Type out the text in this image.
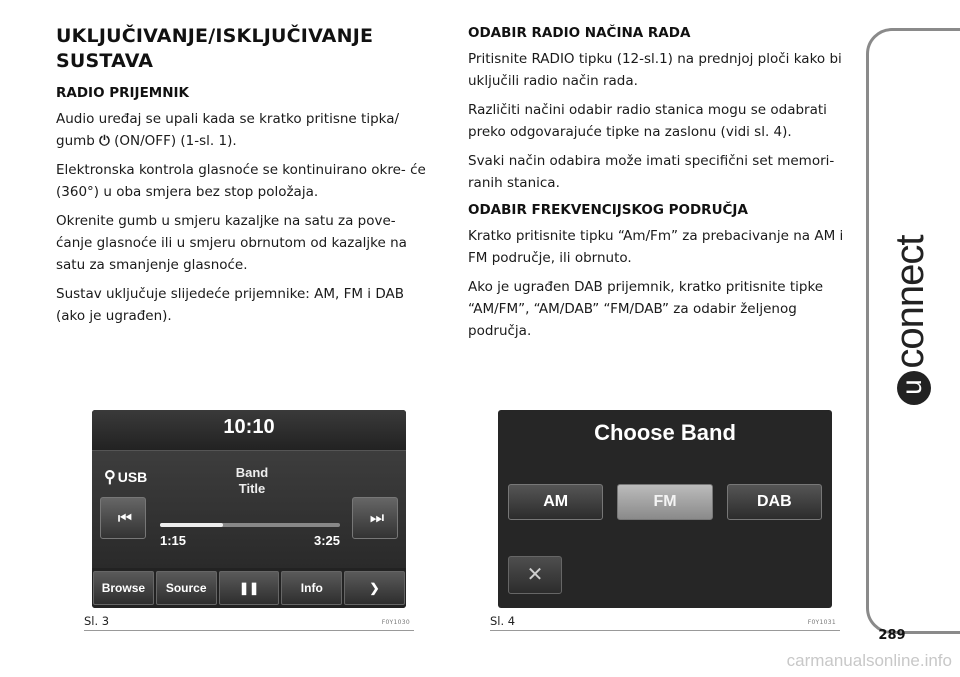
UKLJUČIVANJE/ISKLJUČIVANJE
SUSTAVA
RADIO PRIJEMNIK

Audio uređaj se upali kada se kratko pritisne tipka/ gumb ⏻ (ON/OFF) (1-sl. 1).

Elektronska kontrola glasnoće se kontinuirano okre- će (360°) u oba smjera bez stop položaja.

Okrenite gumb u smjeru kazaljke na satu za pove- ćanje glasnoće ili u smjeru obrnutom od kazaljke na satu za smanjenje glasnoće.

Sustav uključuje slijedeće prijemnike: AM, FM i DAB (ako je ugrađen).

ODABIR RADIO NAČINA RADA

Pritisnite RADIO tipku (12-sl.1) na prednjoj ploči kako bi uključili radio način rada.

Različiti načini odabir radio stanica mogu se odabrati preko odgovarajuće tipke na zaslonu (vidi sl. 4).

Svaki način odabira može imati specifični set memori- ranih stanica.

ODABIR FREKVENCIJSKOG PODRUČJA

Kratko pritisnite tipku “Am/Fm” za prebacivanje na AM i FM područje, ili obrnuto.

Ako je ugrađen DAB prijemnik, kratko pritisnite tipke “AM/FM”, “AM/DAB” “FM/DAB” za odabir željenog područja.

10:10
⚲ USB	Band
Title
⏮	⏭
1:15	3:25
Browse	Source	❚❚	Info	❯
Sl. 3	F0Y1030
Choose Band
AM	FM	DAB
✕
Sl. 4	F0Y1031
uconnect
289
carmanualsonline.info
